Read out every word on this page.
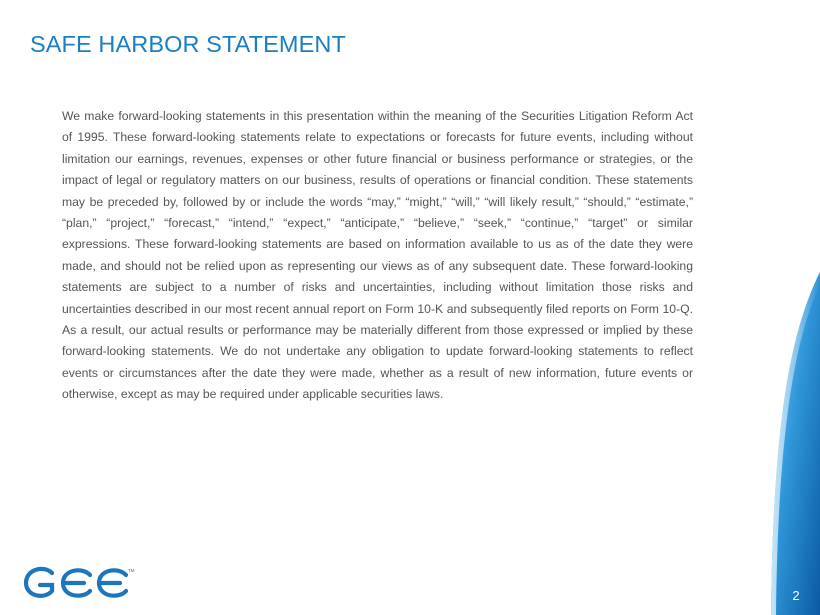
SAFE HARBOR STATEMENT

We make forward-looking statements in this presentation within the meaning of the Securities Litigation Reform Act of 1995. These forward-looking statements relate to expectations or forecasts for future events, including without limitation our earnings, revenues, expenses or other future financial or business performance or strategies, or the impact of legal or regulatory matters on our business, results of operations or financial condition. These statements may be preceded by, followed by or include the words “may,” “might,” “will,” “will likely result,” “should,” “estimate,” “plan,” “project,” “forecast,” “intend,” “expect,” “anticipate,” “believe,” “seek,” “continue,” “target” or similar expressions. These forward-looking statements are based on information available to us as of the date they were made, and should not be relied upon as representing our views as of any subsequent date. These forward-looking statements are subject to a number of risks and uncertainties, including without limitation those risks and uncertainties described in our most recent annual report on Form 10-K and subsequently filed reports on Form 10-Q. As a result, our actual results or performance may be materially different from those expressed or implied by these forward-looking statements. We do not undertake any obligation to update forward-looking statements to reflect events or circumstances after the date they were made, whether as a result of new information, future events or otherwise, except as may be required under applicable securities laws.

TM
2
